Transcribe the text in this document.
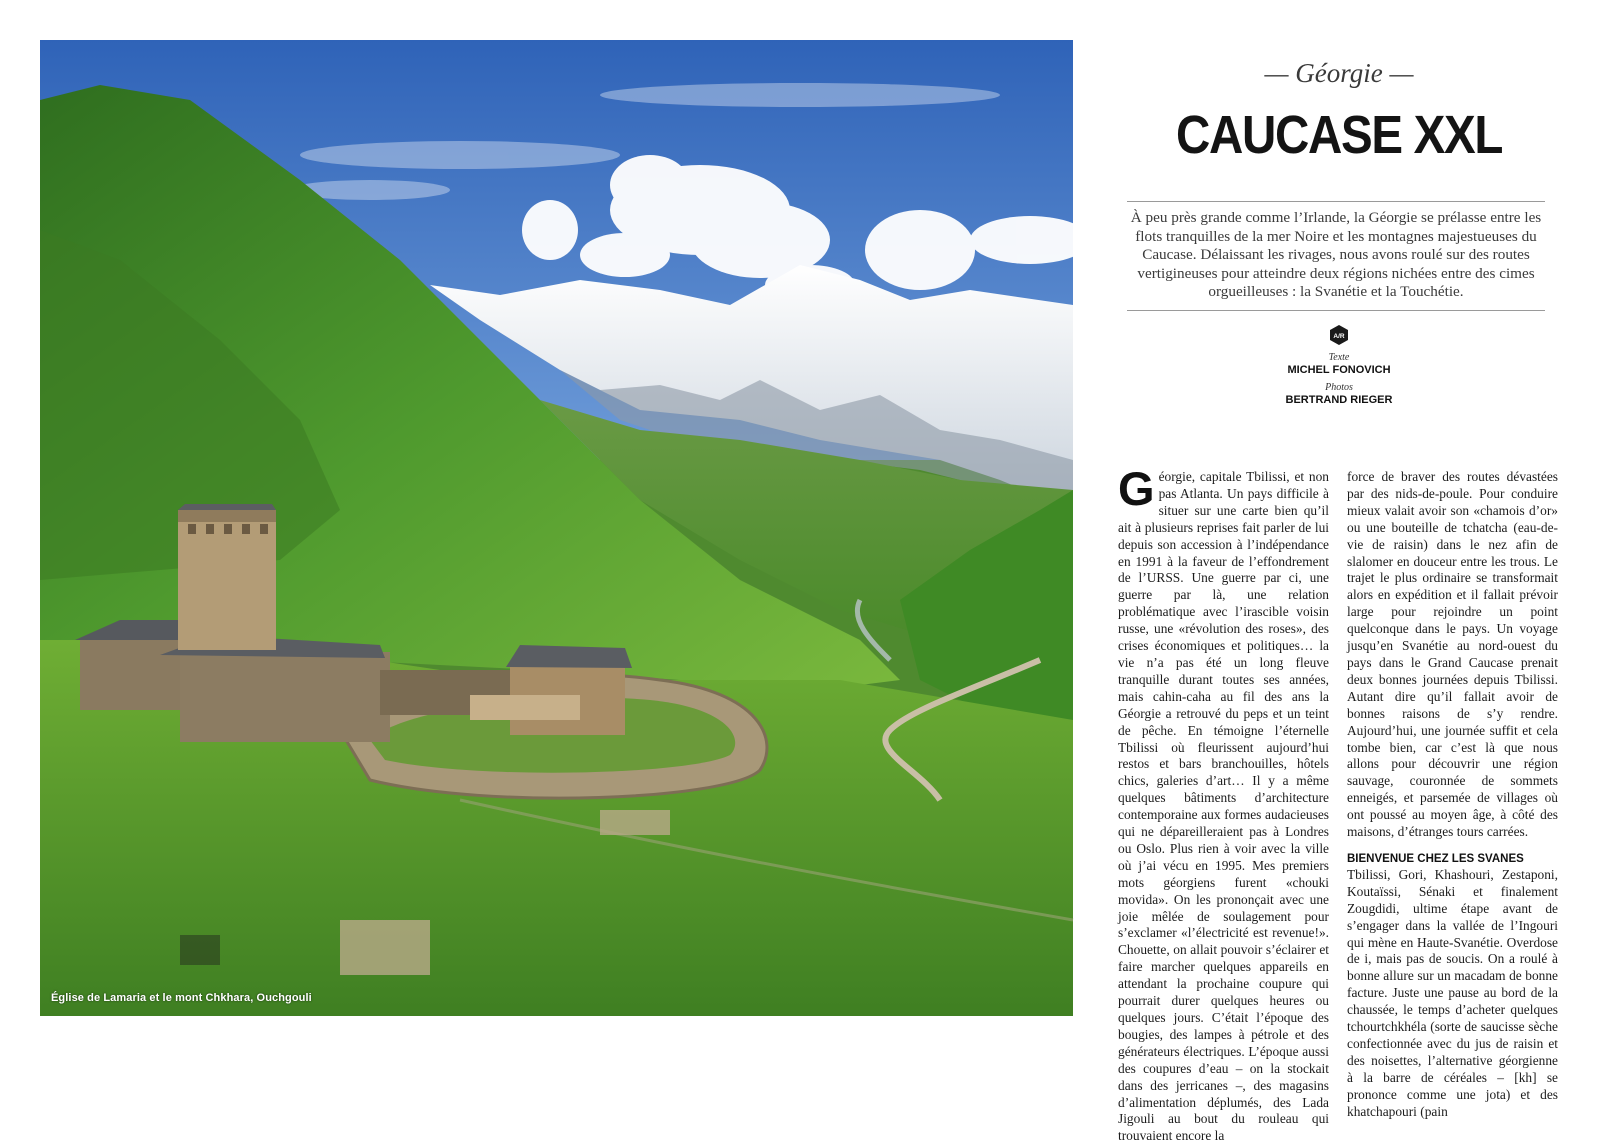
Église de Lamaria et le mont Chkhara, Ouchgouli
— Géorgie —
CAUCASE XXL
À peu près grande comme l’Irlande, la Géorgie se prélasse entre les flots tranquilles de la mer Noire et les montagnes majestueuses du Caucase. Délaissant les rivages, nous avons roulé sur des routes vertigineuses pour atteindre deux régions nichées entre des cimes orgueilleuses : la Svanétie et la Touchétie.
A/R
Texte
MICHEL FONOVICH
Photos
BERTRAND RIEGER

Géorgie, capitale Tbilissi, et non pas Atlanta. Un pays difficile à situer sur une carte bien qu’il ait à plusieurs reprises fait parler de lui depuis son accession à l’indépendance en 1991 à la faveur de l’effondrement de l’URSS. Une guerre par ci, une guerre par là, une relation problématique avec l’irascible voisin russe, une «révolution des roses», des crises économiques et politiques… la vie n’a pas été un long fleuve tranquille durant toutes ses années, mais cahin-caha au fil des ans la Géorgie a retrouvé du peps et un teint de pêche. En témoigne l’éternelle Tbilissi où fleurissent aujourd’hui restos et bars branchouilles, hôtels chics, galeries d’art… Il y a même quelques bâtiments d’architecture contemporaine aux formes audacieuses qui ne dépareilleraient pas à Londres ou Oslo. Plus rien à voir avec la ville où j’ai vécu en 1995. Mes premiers mots géorgiens furent «chouki movida». On les prononçait avec une joie mêlée de soulagement pour s’exclamer «l’électricité est revenue!». Chouette, on allait pouvoir s’éclairer et faire marcher quelques appareils en attendant la prochaine coupure qui pourrait durer quelques heures ou quelques jours. C’était l’époque des bougies, des lampes à pétrole et des générateurs électriques. L’époque aussi des coupures d’eau – on la stockait dans des jerricanes –, des magasins d’alimentation déplumés, des Lada Jigouli au bout du rouleau qui trouvaient encore la

force de braver des routes dévastées par des nids-de-poule. Pour conduire mieux valait avoir son «chamois d’or» ou une bouteille de tchatcha (eau-de-vie de raisin) dans le nez afin de slalomer en douceur entre les trous. Le trajet le plus ordinaire se transformait alors en expédition et il fallait prévoir large pour rejoindre un point quelconque dans le pays. Un voyage jusqu’en Svanétie au nord-ouest du pays dans le Grand Caucase prenait deux bonnes journées depuis Tbilissi. Autant dire qu’il fallait avoir de bonnes raisons de s’y rendre. Aujourd’hui, une journée suffit et cela tombe bien, car c’est là que nous allons pour découvrir une région sauvage, couronnée de sommets enneigés, et parsemée de villages où ont poussé au moyen âge, à côté des maisons, d’étranges tours carrées.

BIENVENUE CHEZ LES SVANES

Tbilissi, Gori, Khashouri, Zestaponi, Koutaïssi, Sénaki et finalement Zougdidi, ultime étape avant de s’engager dans la vallée de l’Ingouri qui mène en Haute-Svanétie. Overdose de i, mais pas de soucis. On a roulé à bonne allure sur un macadam de bonne facture. Juste une pause au bord de la chaussée, le temps d’acheter quelques tchourtchkhéla (sorte de saucisse sèche confectionnée avec du jus de raisin et des noisettes, l’alternative géorgienne à la barre de céréales – [kh] se prononce comme une jota) et des khatchapouri (pain
